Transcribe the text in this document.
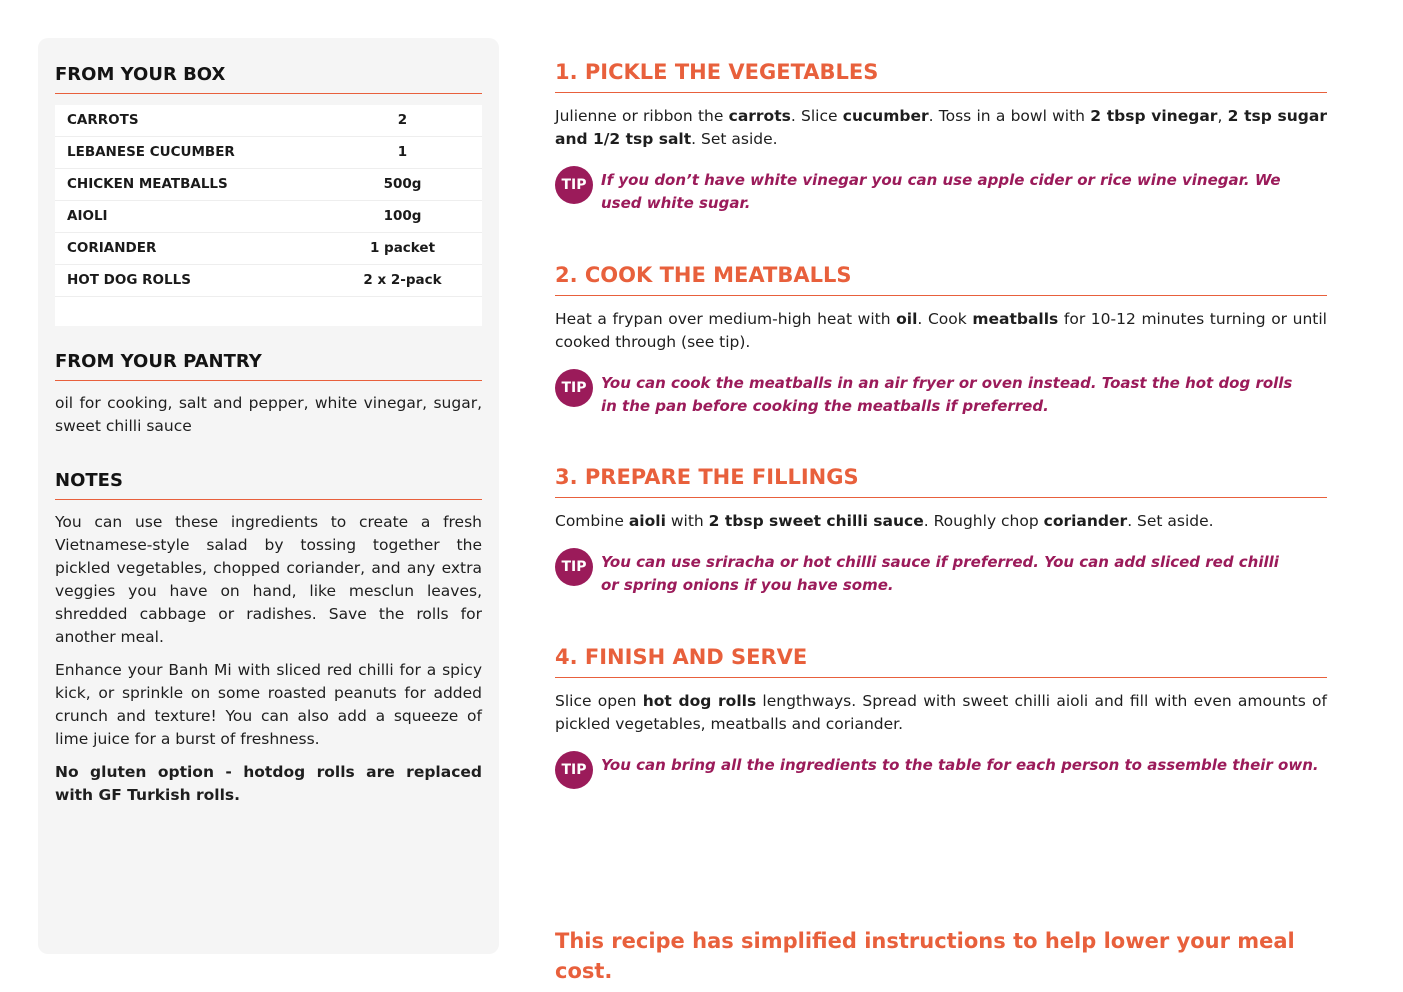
FROM YOUR BOX
CARROTS	2
LEBANESE CUCUMBER	1
CHICKEN MEATBALLS	500g
AIOLI	100g
CORIANDER	1 packet
HOT DOG ROLLS	2 x 2-pack
FROM YOUR PANTRY
oil for cooking, salt and pepper, white vinegar, sugar, sweet chilli sauce
NOTES
You can use these ingredients to create a fresh Vietnamese-style salad by tossing together the pickled vegetables, chopped coriander, and any extra veggies you have on hand, like mesclun leaves, shredded cabbage or radishes. Save the rolls for another meal.
Enhance your Banh Mi with sliced red chilli for a spicy kick, or sprinkle on some roasted peanuts for added crunch and texture! You can also add a squeeze of lime juice for a burst of freshness.
No gluten option - hotdog rolls are replaced with GF Turkish rolls.
1. PICKLE THE VEGETABLES
Julienne or ribbon the carrots. Slice cucumber. Toss in a bowl with 2 tbsp vinegar, 2 tsp sugar and 1/2 tsp salt. Set aside.
TIP If you don’t have white vinegar you can use apple cider or rice wine vinegar. We used white sugar.
2. COOK THE MEATBALLS
Heat a frypan over medium-high heat with oil. Cook meatballs for 10-12 minutes turning or until cooked through (see tip).
TIP You can cook the meatballs in an air fryer or oven instead. Toast the hot dog rolls in the pan before cooking the meatballs if preferred.
3. PREPARE THE FILLINGS
Combine aioli with 2 tbsp sweet chilli sauce. Roughly chop coriander. Set aside.
TIP You can use sriracha or hot chilli sauce if preferred. You can add sliced red chilli or spring onions if you have some.
4. FINISH AND SERVE
Slice open hot dog rolls lengthways. Spread with sweet chilli aioli and fill with even amounts of pickled vegetables, meatballs and coriander.
TIP You can bring all the ingredients to the table for each person to assemble their own.
This recipe has simplified instructions to help lower your meal cost.
